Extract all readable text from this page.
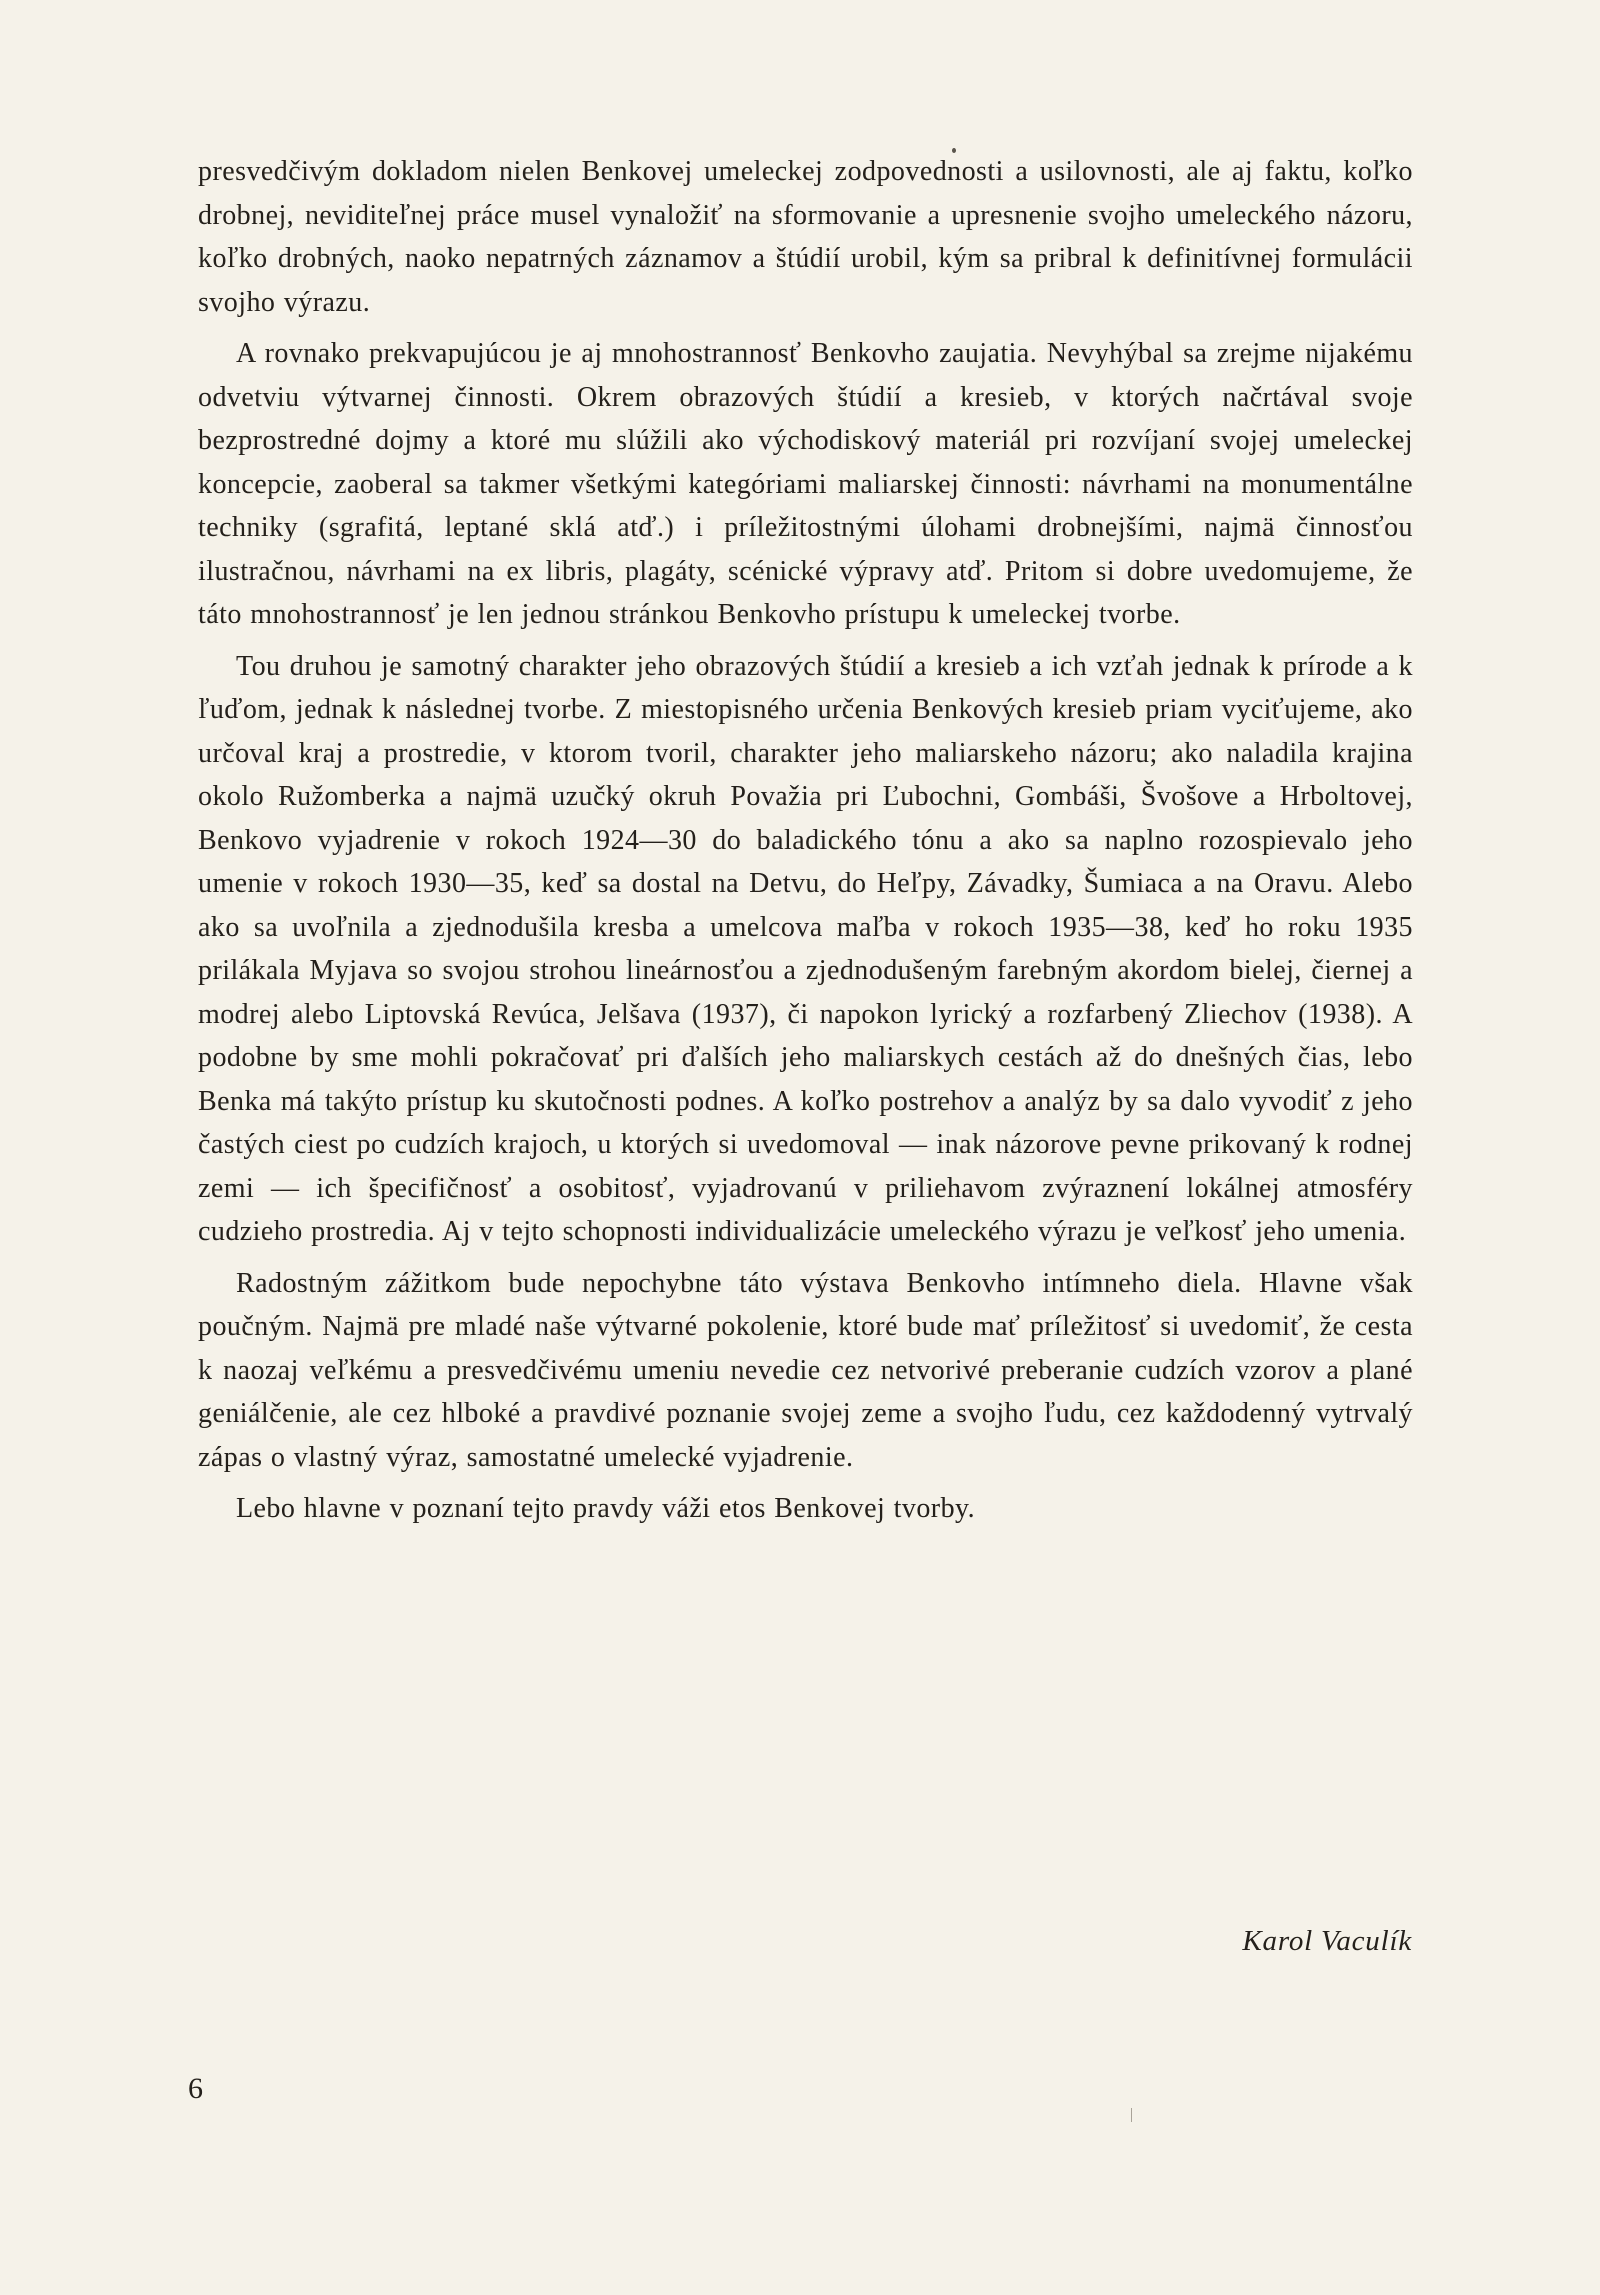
presvedčivým dokladom nielen Benkovej umeleckej zodpovednosti a usilovnosti, ale aj faktu, koľko drobnej, neviditeľnej práce musel vynaložiť na sformovanie a upresnenie svojho umeleckého názoru, koľko drobných, naoko nepatrných záznamov a štúdií urobil, kým sa pribral k definitívnej formulácii svojho výrazu.

A rovnako prekvapujúcou je aj mnohostrannosť Benkovho zaujatia. Nevyhýbal sa zrejme nijakému odvetviu výtvarnej činnosti. Okrem obrazových štúdií a kresieb, v ktorých načrtával svoje bezprostredné dojmy a ktoré mu slúžili ako východiskový materiál pri rozvíjaní svojej umeleckej koncepcie, zaoberal sa takmer všetkými kategóriami maliarskej činnosti: návrhami na monumentálne techniky (sgrafitá, leptané sklá atď.) i príležitostnými úlohami drobnejšími, najmä činnosťou ilustračnou, návrhami na ex libris, plagáty, scénické výpravy atď. Pritom si dobre uvedomujeme, že táto mnohostrannosť je len jednou stránkou Benkovho prístupu k umeleckej tvorbe.

Tou druhou je samotný charakter jeho obrazových štúdií a kresieb a ich vzťah jednak k prírode a k ľuďom, jednak k následnej tvorbe. Z miestopisného určenia Benkových kresieb priam vyciťujeme, ako určoval kraj a prostredie, v ktorom tvoril, charakter jeho maliarskeho názoru; ako naladila krajina okolo Ružomberka a najmä uzučký okruh Považia pri Ľubochni, Gombáši, Švošove a Hrboltovej, Benkovo vyjadrenie v rokoch 1924—30 do baladického tónu a ako sa naplno rozospievalo jeho umenie v rokoch 1930—35, keď sa dostal na Detvu, do Heľpy, Závadky, Šumiaca a na Oravu. Alebo ako sa uvoľnila a zjednodušila kresba a umelcova maľba v rokoch 1935—38, keď ho roku 1935 prilákala Myjava so svojou strohou lineárnosťou a zjednodušeným farebným akordom bielej, čiernej a modrej alebo Liptovská Revúca, Jelšava (1937), či napokon lyrický a rozfarbený Zliechov (1938). A podobne by sme mohli pokračovať pri ďalších jeho maliarskych cestách až do dnešných čias, lebo Benka má takýto prístup ku skutočnosti podnes. A koľko postrehov a analýz by sa dalo vyvodiť z jeho častých ciest po cudzích krajoch, u ktorých si uvedomoval — inak názorove pevne prikovaný k rodnej zemi — ich špecifičnosť a osobitosť, vyjadrovanú v priliehavom zvýraznení lokálnej atmosféry cudzieho prostredia. Aj v tejto schopnosti individualizácie umeleckého výrazu je veľkosť jeho umenia.

Radostným zážitkom bude nepochybne táto výstava Benkovho intímneho diela. Hlavne však poučným. Najmä pre mladé naše výtvarné pokolenie, ktoré bude mať príležitosť si uvedomiť, že cesta k naozaj veľkému a presvedčivému umeniu nevedie cez netvorivé preberanie cudzích vzorov a plané geniálčenie, ale cez hlboké a pravdivé poznanie svojej zeme a svojho ľudu, cez každodenný vytrvalý zápas o vlastný výraz, samostatné umelecké vyjadrenie.

Lebo hlavne v poznaní tejto pravdy váži etos Benkovej tvorby.

Karol Vaculík
6
